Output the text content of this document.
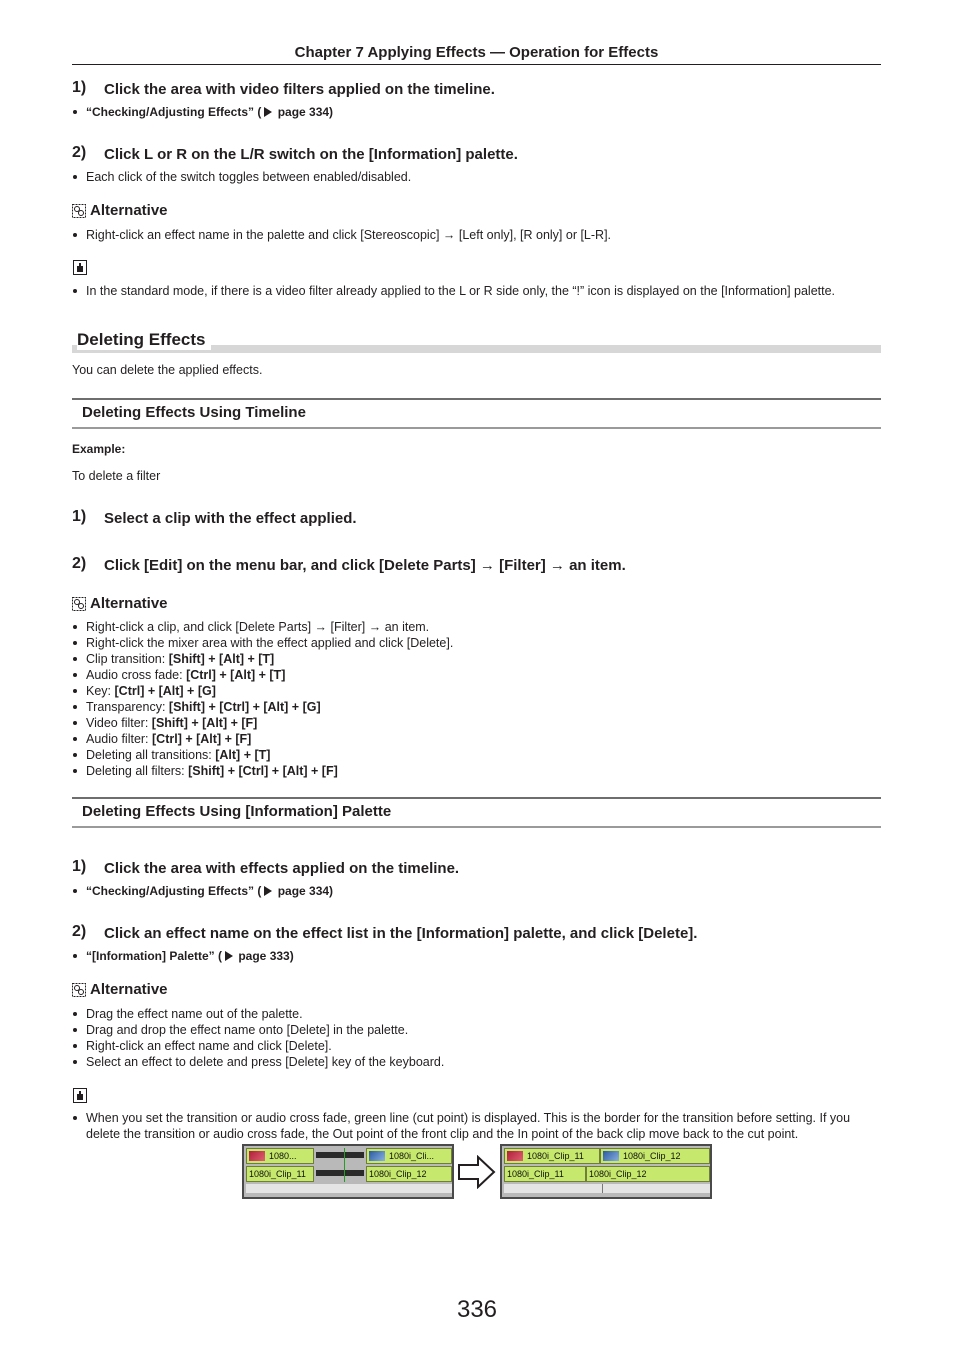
Chapter 7 Applying Effects — Operation for Effects
1) Click the area with video filters applied on the timeline.
“Checking/Adjusting Effects” ( page 334)
2) Click L or R on the L/R switch on the [Information] palette.
Each click of the switch toggles between enabled/disabled.
Alternative
Right-click an effect name in the palette and click [Stereoscopic] → [Left only], [R only] or [L-R].
In the standard mode, if there is a video filter already applied to the L or R side only, the “!” icon is displayed on the [Information] palette.
Deleting Effects
You can delete the applied effects.
Deleting Effects Using Timeline
Example:
To delete a filter
1) Select a clip with the effect applied.
2) Click [Edit] on the menu bar, and click [Delete Parts] → [Filter] → an item.
Alternative
Right-click a clip, and click [Delete Parts] → [Filter] → an item.
Right-click the mixer area with the effect applied and click [Delete].
Clip transition: [Shift] + [Alt] + [T]
Audio cross fade: [Ctrl] + [Alt] + [T]
Key: [Ctrl] + [Alt] + [G]
Transparency: [Shift] + [Ctrl] + [Alt] + [G]
Video filter: [Shift] + [Alt] + [F]
Audio filter: [Ctrl] + [Alt] + [F]
Deleting all transitions: [Alt] + [T]
Deleting all filters: [Shift] + [Ctrl] + [Alt] + [F]
Deleting Effects Using [Information] Palette
1) Click the area with effects applied on the timeline.
“Checking/Adjusting Effects” ( page 334)
2) Click an effect name on the effect list in the [Information] palette, and click [Delete].
“[Information] Palette” ( page 333)
Alternative
Drag the effect name out of the palette.
Drag and drop the effect name onto [Delete] in the palette.
Right-click an effect name and click [Delete].
Select an effect to delete and press [Delete] key of the keyboard.
When you set the transition or audio cross fade, green line (cut point) is displayed. This is the border for the transition before setting. If you delete the transition or audio cross fade, the Out point of the front clip and the In point of the back clip move back to the cut point.
1080...	1080i_Cli...
1080i_Clip_11	1080i_Clip_12
1080i_Clip_11	1080i_Clip_12
1080i_Clip_11	1080i_Clip_12
336
